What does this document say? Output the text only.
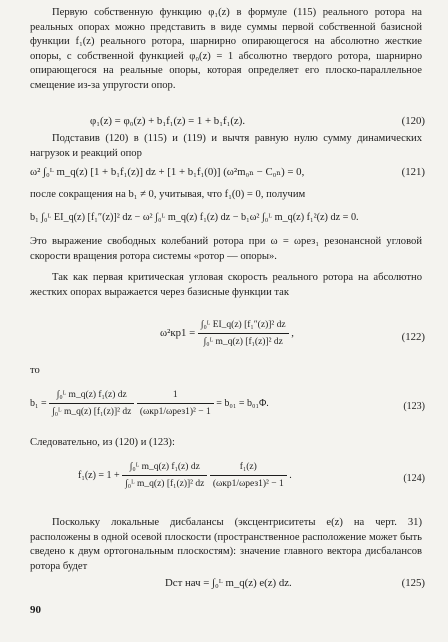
Первую собственную функцию φ₁(z) в формуле (115) реального ротора на реальных опорах можно представить в виде суммы первой собственной базисной функции f₁(z) реального ротора, шарнирно опирающегося на абсолютно жесткие опоры, с собственной функцией φ₀(z) = 1 абсолютно твердого ротора, шарнирно опирающегося на реальные опоры, которая определяет его плоско-параллельное смещение из-за упругости опор.

φ₁(z) = φ₀(z) + b₁f₁(z) = 1 + b₁f₁(z).	(120)

Подставив (120) в (115) и (119) и вычтя равную нулю сумму динамических нагрузок и реакций опор

ω² ∫₀ᴸ m_q(z) [1 + b₁f₁(z)] dz + [1 + b₁f₁(0)] (ω²m₀ₙ − C₀ₙ) = 0,	(121)

после сокращения на b₁ ≠ 0, учитывая, что f₁(0) = 0, получим

b₁ ∫₀ᴸ EI_q(z) [f₁″(z)]² dz − ω² ∫₀ᴸ m_q(z) f₁(z) dz − b₁ω² ∫₀ᴸ m_q(z) f₁²(z) dz = 0.

Это выражение свободных колебаний ротора при ω = ωрез₁ резонансной угловой скорости вращения ротора системы «ротор — опоры».

Так как первая критическая угловая скорость реального ротора на абсолютно жестких опорах выражается через базисные функции так

$\omega^2кр1 = \frac{\text{∫₀ᴸ EI\_q(z) [f₁″(z)]² dz}}{\text{∫₀ᴸ m\_q(z) [f₁(z)]² dz}}$ ,	(122)

то

$b_1 = \frac{\text{∫₀ᴸ m\_q(z) f₁(z) dz}}{\text{∫₀ᴸ m\_q(z) [f₁(z)]² dz}}$
$\frac{1}{\text{(ωкр1/ωрез1)² − 1}} = b_{01} = b_{01}\Phi$.	(123)

Следовательно, из (120) и (123):

$f_1(z) = 1 + \frac{\text{∫₀ᴸ m\_q(z) f₁(z) dz}}{\text{∫₀ᴸ m\_q(z) [f₁(z)]² dz}}$
$\frac{\text{f₁(z)}}{\text{(ωкр1/ωрез1)² − 1}}$ .	(124)

Поскольку локальные дисбалансы (эксцентриситеты e(z) на черт. 31) расположены в одной осевой плоскости (пространственное расположение может быть сведено к двум ортогональным плоскостям): значение главного вектора дисбалансов ротора будет

Dст нач = ∫₀ᴸ m_q(z) e(z) dz.	(125)
90
